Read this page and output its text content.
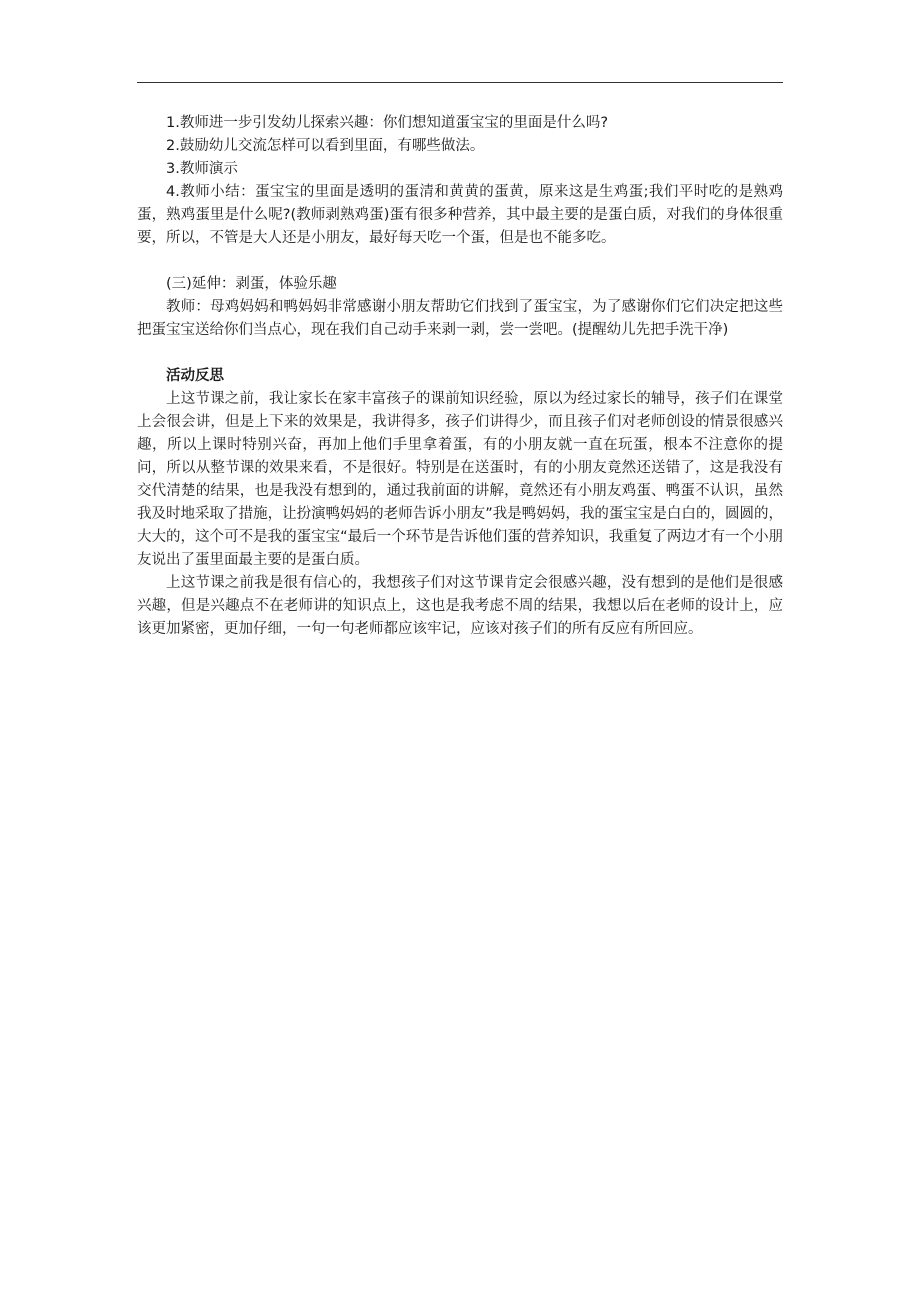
1.教师进一步引发幼儿探索兴趣：你们想知道蛋宝宝的里面是什么吗?

2.鼓励幼儿交流怎样可以看到里面，有哪些做法。

3.教师演示

4.教师小结：蛋宝宝的里面是透明的蛋清和黄黄的蛋黄，原来这是生鸡蛋;我们平时吃的是熟鸡蛋，熟鸡蛋里是什么呢?(教师剥熟鸡蛋)蛋有很多种营养，其中最主要的是蛋白质，对我们的身体很重要，所以，不管是大人还是小朋友，最好每天吃一个蛋，但是也不能多吃。

(三)延伸：剥蛋，体验乐趣

教师：母鸡妈妈和鸭妈妈非常感谢小朋友帮助它们找到了蛋宝宝，为了感谢你们它们决定把这些把蛋宝宝送给你们当点心，现在我们自己动手来剥一剥，尝一尝吧。(提醒幼儿先把手洗干净)

活动反思

上这节课之前，我让家长在家丰富孩子的课前知识经验，原以为经过家长的辅导，孩子们在课堂上会很会讲，但是上下来的效果是，我讲得多，孩子们讲得少，而且孩子们对老师创设的情景很感兴趣，所以上课时特别兴奋，再加上他们手里拿着蛋，有的小朋友就一直在玩蛋，根本不注意你的提问，所以从整节课的效果来看，不是很好。特别是在送蛋时，有的小朋友竟然还送错了，这是我没有交代清楚的结果，也是我没有想到的，通过我前面的讲解，竟然还有小朋友鸡蛋、鸭蛋不认识，虽然我及时地采取了措施，让扮演鸭妈妈的老师告诉小朋友”我是鸭妈妈，我的蛋宝宝是白白的，圆圆的，大大的，这个可不是我的蛋宝宝“最后一个环节是告诉他们蛋的营养知识，我重复了两边才有一个小朋友说出了蛋里面最主要的是蛋白质。

上这节课之前我是很有信心的，我想孩子们对这节课肯定会很感兴趣，没有想到的是他们是很感兴趣，但是兴趣点不在老师讲的知识点上，这也是我考虑不周的结果，我想以后在老师的设计上，应该更加紧密，更加仔细，一句一句老师都应该牢记，应该对孩子们的所有反应有所回应。
